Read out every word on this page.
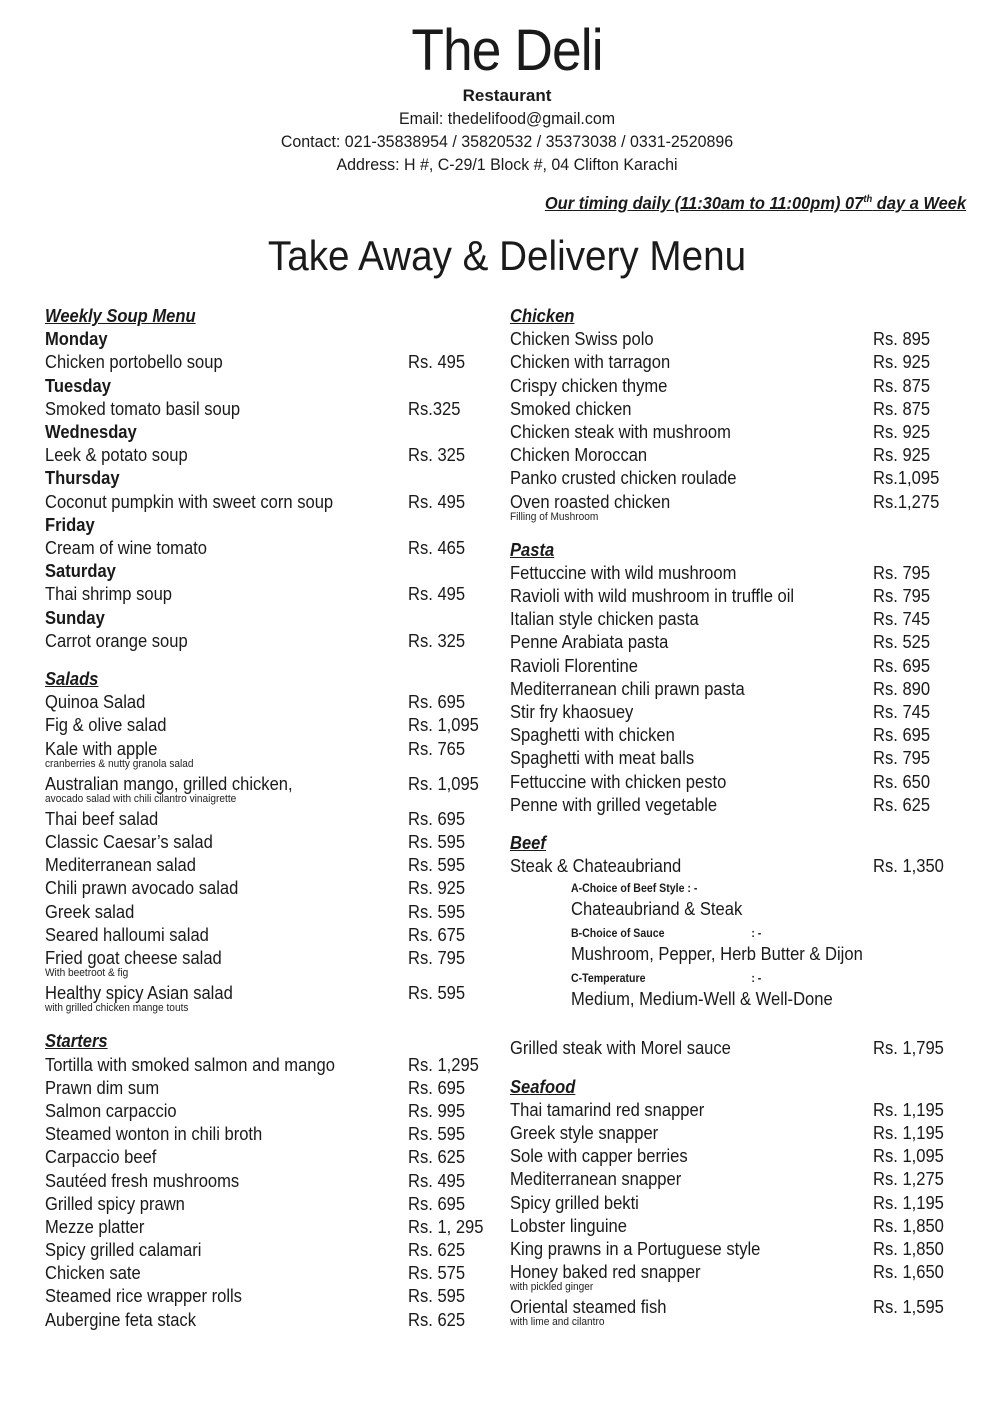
The Deli
Restaurant
Email: thedelifood@gmail.com
Contact: 021-35838954 / 35820532 / 35373038 / 0331-2520896
Address: H #, C-29/1 Block #, 04 Clifton Karachi
Our timing daily (11:30am to 11:00pm) 07th day a Week
Take Away & Delivery Menu
Weekly Soup Menu
Monday
Chicken portobello soup	Rs. 495
Tuesday
Smoked tomato basil soup	Rs.325
Wednesday
Leek & potato soup	Rs. 325
Thursday
Coconut pumpkin with sweet corn soup	Rs. 495
Friday
Cream of wine tomato	Rs. 465
Saturday
Thai shrimp soup	Rs. 495
Sunday
Carrot orange soup	Rs. 325
Salads
Quinoa Salad	Rs. 695
Fig & olive salad	Rs. 1,095
Kale with apple	Rs. 765
cranberries & nutty granola salad
Australian mango, grilled chicken,	Rs. 1,095
avocado salad with chili cilantro vinaigrette
Thai beef salad	Rs. 695
Classic Caesar’s salad	Rs. 595
Mediterranean salad	Rs. 595
Chili prawn avocado salad	Rs. 925
Greek salad	Rs. 595
Seared halloumi salad	Rs. 675
Fried goat cheese salad	Rs. 795
With beetroot & fig
Healthy spicy Asian salad	Rs. 595
with grilled chicken mange touts
Starters
Tortilla with smoked salmon and mango	Rs. 1,295
Prawn dim sum	Rs. 695
Salmon carpaccio	Rs. 995
Steamed wonton in chili broth	Rs. 595
Carpaccio beef	Rs. 625
Sautéed fresh mushrooms	Rs. 495
Grilled spicy prawn	Rs. 695
Mezze platter	Rs. 1, 295
Spicy grilled calamari	Rs. 625
Chicken sate	Rs. 575
Steamed rice wrapper rolls	Rs. 595
Aubergine feta stack	Rs. 625
Chicken
Chicken Swiss polo	Rs. 895
Chicken with tarragon	Rs. 925
Crispy chicken thyme	Rs. 875
Smoked chicken	Rs. 875
Chicken steak with mushroom	Rs. 925
Chicken Moroccan	Rs. 925
Panko crusted chicken roulade	Rs.1,095
Oven roasted chicken	Rs.1,275
Filling of Mushroom
Pasta
Fettuccine with wild mushroom	Rs. 795
Ravioli with wild mushroom in truffle oil	Rs. 795
Italian style chicken pasta	Rs. 745
Penne Arabiata pasta	Rs. 525
Ravioli Florentine	Rs. 695
Mediterranean chili prawn pasta	Rs. 890
Stir fry khaosuey	Rs. 745
Spaghetti with chicken	Rs. 695
Spaghetti with meat balls	Rs. 795
Fettuccine with chicken pesto	Rs. 650
Penne with grilled vegetable	Rs. 625
Beef
Steak & Chateaubriand	Rs. 1,350
A-Choice of Beef Style : -
Chateaubriand & Steak
B-Choice of Sauce	: -
Mushroom, Pepper, Herb Butter & Dijon
C-Temperature	: -
Medium, Medium-Well & Well-Done
Grilled steak with Morel sauce	Rs. 1,795
Seafood
Thai tamarind red snapper	Rs. 1,195
Greek style snapper	Rs. 1,195
Sole with capper berries	Rs. 1,095
Mediterranean snapper	Rs. 1,275
Spicy grilled bekti	Rs. 1,195
Lobster linguine	Rs. 1,850
King prawns in a Portuguese style	Rs. 1,850
Honey baked red snapper	Rs. 1,650
with pickled ginger
Oriental steamed fish	Rs. 1,595
with lime and cilantro
